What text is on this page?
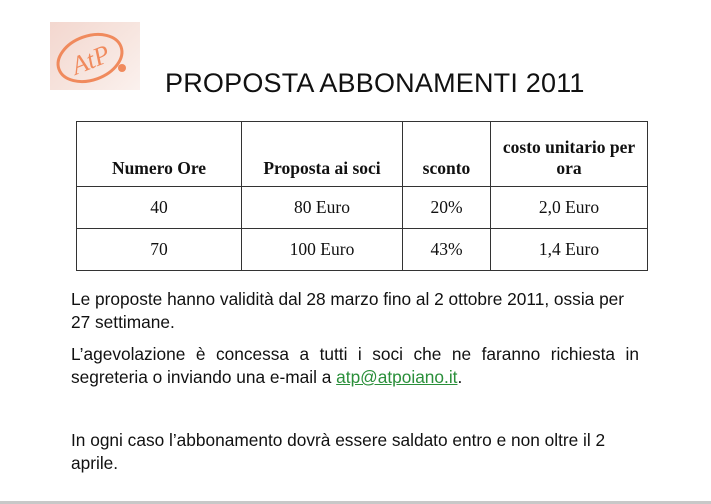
AtP
PROPOSTA ABBONAMENTI 2011
Numero Ore	Proposta ai soci	sconto	costo unitario per ora
40	80 Euro	20%	2,0 Euro
70	100 Euro	43%	1,4 Euro
Le proposte hanno validità dal 28 marzo fino al 2 ottobre 2011, ossia per 27 settimane.
L’agevolazione è concessa a tutti i soci che ne faranno richiesta in segreteria o inviando una e-mail a atp@atpoiano.it.
In ogni caso l’abbonamento dovrà essere saldato entro e non oltre il 2 aprile.
